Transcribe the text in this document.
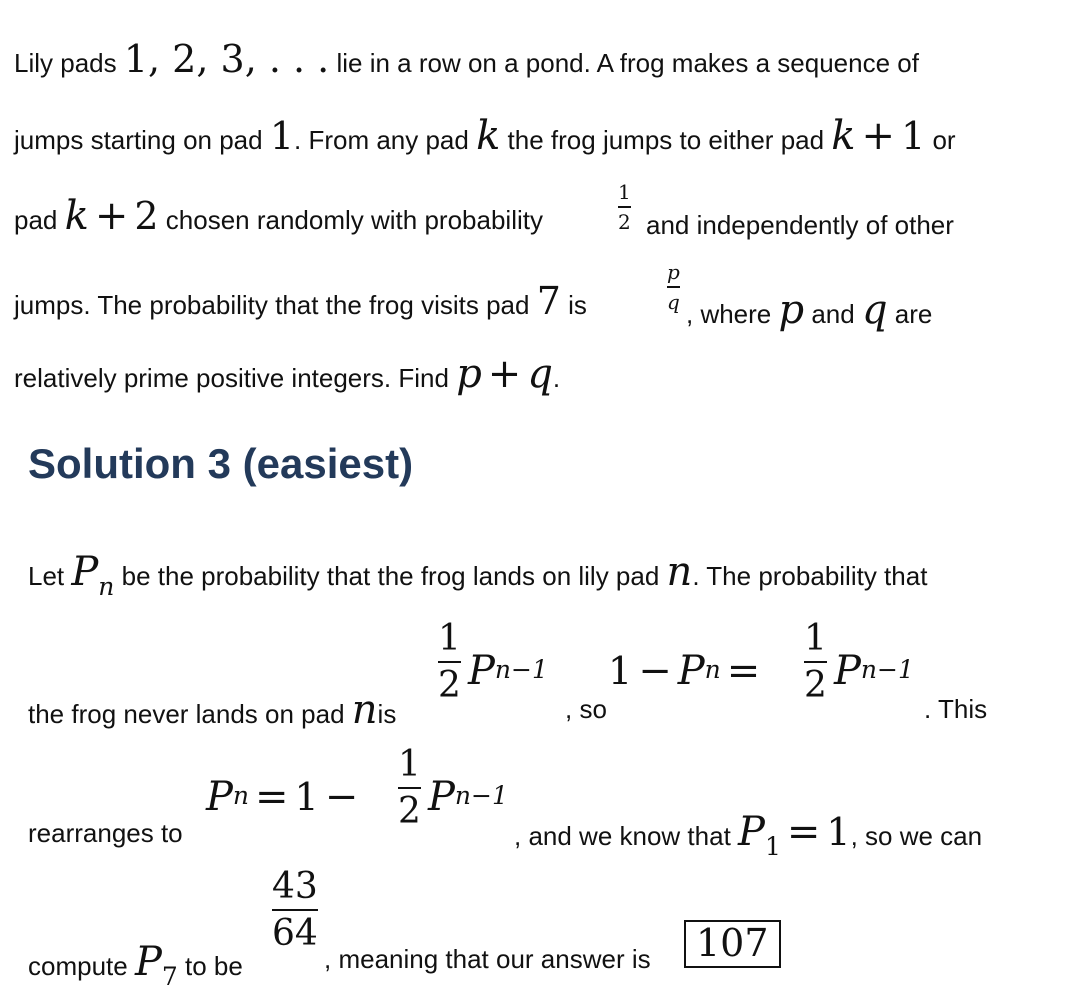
Lily pads 1, 2, 3, . . . lie in a row on a pond. A frog makes a sequence of
jumps starting on pad 1. From any pad k the frog jumps to either pad k + 1 or
pad k + 2 chosen randomly with probability
1
2 and independently of other
jumps. The probability that the frog visits pad 7 is
p
q , where p and q are
relatively prime positive integers. Find p + q.
Solution 3 (easiest)
Let Pn be the probability that the frog lands on lily pad n. The probability that
the frog never lands on pad nis
1
2 Pn−1
, so
1 − Pn =
1
2 Pn−1
. This
rearranges to
Pn = 1 −
1
2 Pn−1
, and we know that P1 = 1, so we can
compute P7 to be
43
64
, meaning that our answer is	107
